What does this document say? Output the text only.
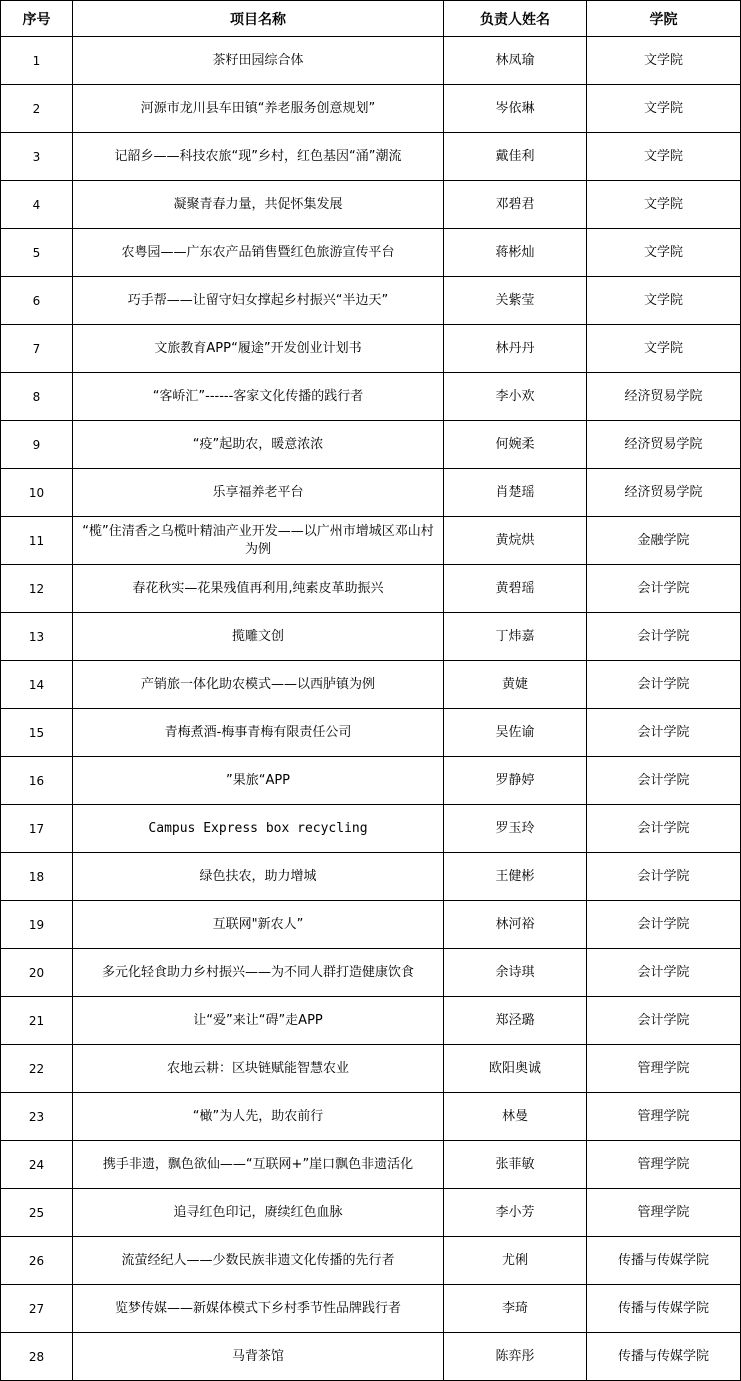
序号	项目名称	负责人姓名	学院
1	茶籽田园综合体	林凤瑜	文学院
2	河源市龙川县车田镇“养老服务创意规划”	岑依琳	文学院
3	记韶乡——科技农旅“现”乡村，红色基因“涌”潮流	戴佳利	文学院
4	凝聚青春力量，共促怀集发展	邓碧君	文学院
5	农粤园——广东农产品销售暨红色旅游宣传平台	蒋彬灿	文学院
6	巧手帮——让留守妇女撑起乡村振兴“半边天”	关紫莹	文学院
7	文旅教育APP“履途”开发创业计划书	林丹丹	文学院
8	“客峤汇”------客家文化传播的践行者	李小欢	经济贸易学院
9	“疫”起助农，暖意浓浓	何婉柔	经济贸易学院
10	乐享福养老平台	肖楚瑶	经济贸易学院
11	“榄”住清香之乌榄叶精油产业开发——以广州市增城区邓山村为例	黄烷烘	金融学院
12	春花秋实—花果残值再利用,纯素皮革助振兴	黄碧瑶	会计学院
13	揽雕文创	丁炜嘉	会计学院
14	产销旅一体化助农模式——以西胪镇为例	黄婕	会计学院
15	青梅煮酒-梅事青梅有限责任公司	吴佐谕	会计学院
16	”果旅“APP	罗静婷	会计学院
17	Campus Express box recycling	罗玉玲	会计学院
18	绿色扶农，助力增城	王健彬	会计学院
19	互联网"新农人”	林河裕	会计学院
20	多元化轻食助力乡村振兴——为不同人群打造健康饮食	余诗琪	会计学院
21	让“爱”来让“碍”走APP	郑泾璐	会计学院
22	农地云耕：区块链赋能智慧农业	欧阳奥诚	管理学院
23	“橄”为人先，助农前行	林曼	管理学院
24	携手非遗，飘色欲仙——“互联网+”崖口飘色非遗活化	张菲敏	管理学院
25	追寻红色印记，赓续红色血脉	李小芳	管理学院
26	流萤经纪人——少数民族非遗文化传播的先行者	尤俐	传播与传媒学院
27	览梦传媒——新媒体模式下乡村季节性品牌践行者	李琦	传播与传媒学院
28	马背茶馆	陈弈彤	传播与传媒学院
